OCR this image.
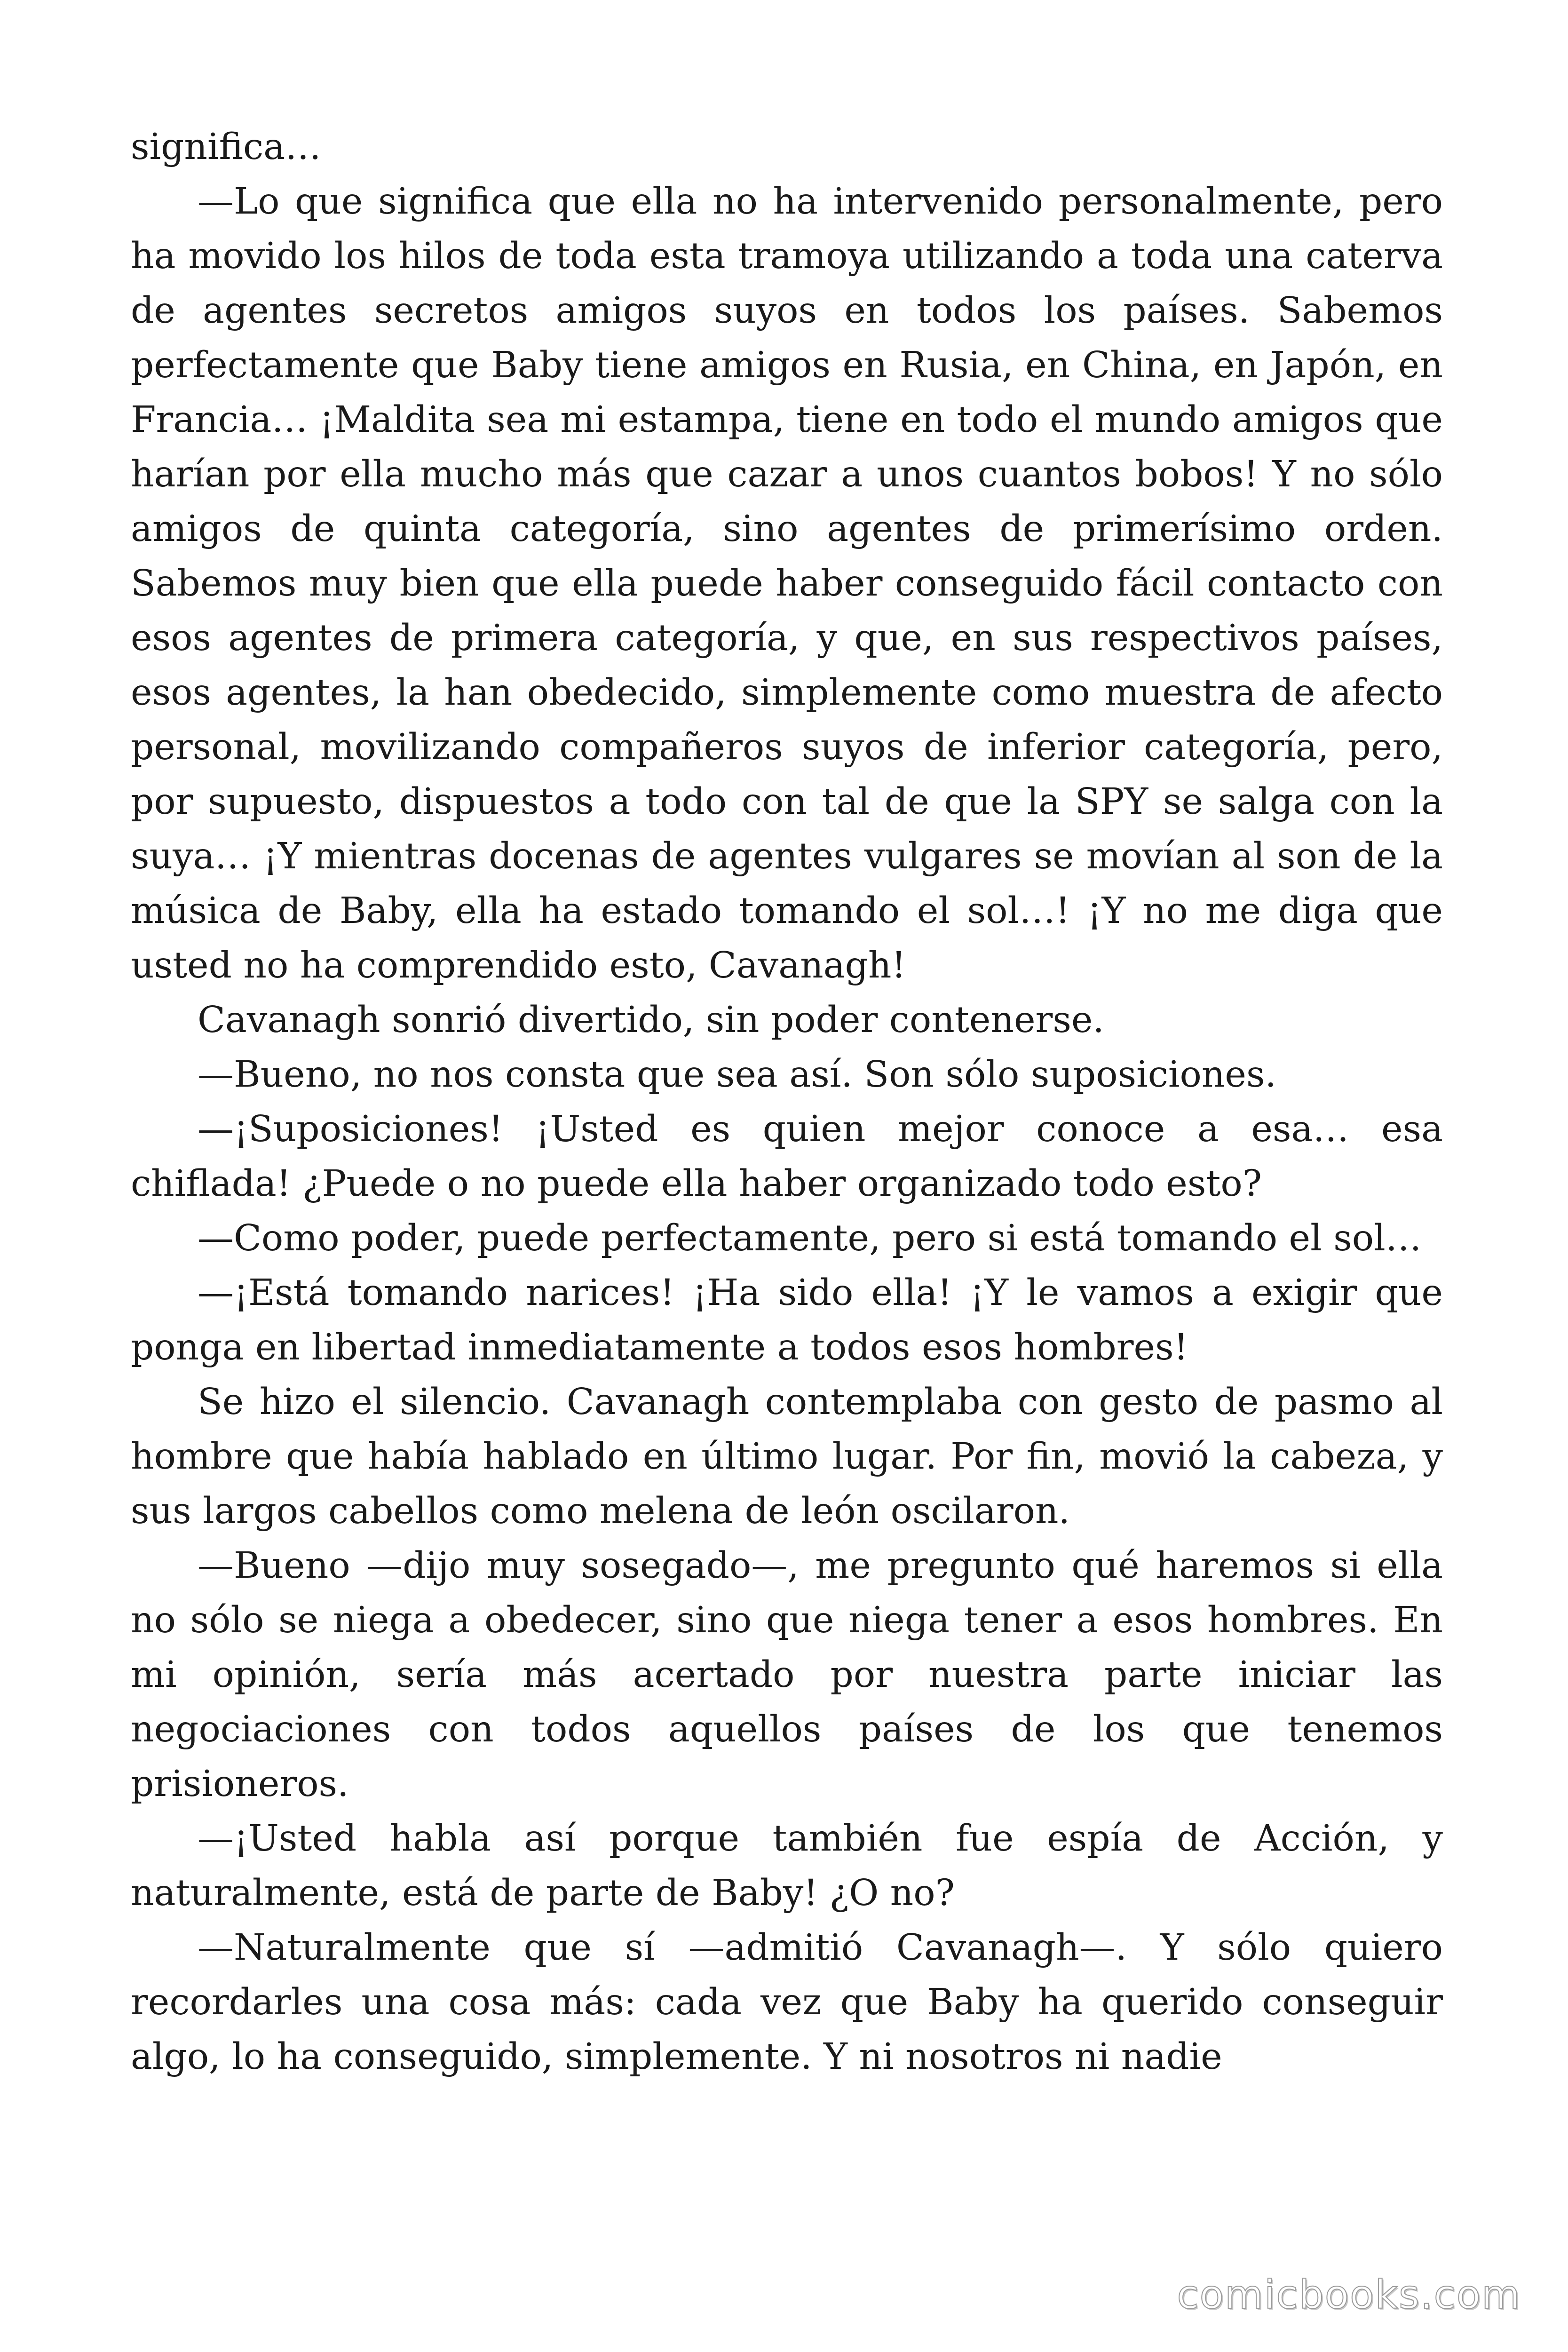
significa…

—Lo que significa que ella no ha intervenido personalmente, pero ha movido los hilos de toda esta tramoya utilizando a toda una caterva de agentes secretos amigos suyos en todos los países. Sabemos perfectamente que Baby tiene amigos en Rusia, en China, en Japón, en Francia… ¡Maldita sea mi estampa, tiene en todo el mundo amigos que harían por ella mucho más que cazar a unos cuantos bobos! Y no sólo amigos de quinta categoría, sino agentes de primerísimo orden. Sabemos muy bien que ella puede haber conseguido fácil contacto con esos agentes de primera categoría, y que, en sus respectivos países, esos agentes, la han obedecido, simplemente como muestra de afecto personal, movilizando compañeros suyos de inferior categoría, pero, por supuesto, dispuestos a todo con tal de que la SPY se salga con la suya… ¡Y mientras docenas de agentes vulgares se movían al son de la música de Baby, ella ha estado tomando el sol…! ¡Y no me diga que usted no ha comprendido esto, Cavanagh!

Cavanagh sonrió divertido, sin poder contenerse.

—Bueno, no nos consta que sea así. Son sólo suposiciones.

—¡Suposiciones! ¡Usted es quien mejor conoce a esa… esa chiflada! ¿Puede o no puede ella haber organizado todo esto?

—Como poder, puede perfectamente, pero si está tomando el sol…

—¡Está tomando narices! ¡Ha sido ella! ¡Y le vamos a exigir que ponga en libertad inmediatamente a todos esos hombres!

Se hizo el silencio. Cavanagh contemplaba con gesto de pasmo al hombre que había hablado en último lugar. Por fin, movió la cabeza, y sus largos cabellos como melena de león oscilaron.

—Bueno —dijo muy sosegado—, me pregunto qué haremos si ella no sólo se niega a obedecer, sino que niega tener a esos hombres. En mi opinión, sería más acertado por nuestra parte iniciar las negociaciones con todos aquellos países de los que tenemos prisioneros.

—¡Usted habla así porque también fue espía de Acción, y naturalmente, está de parte de Baby! ¿O no?

—Naturalmente que sí —admitió Cavanagh—. Y sólo quiero recordarles una cosa más: cada vez que Baby ha querido conseguir algo, lo ha conseguido, simplemente. Y ni nosotros ni nadie

comicbooks.com
